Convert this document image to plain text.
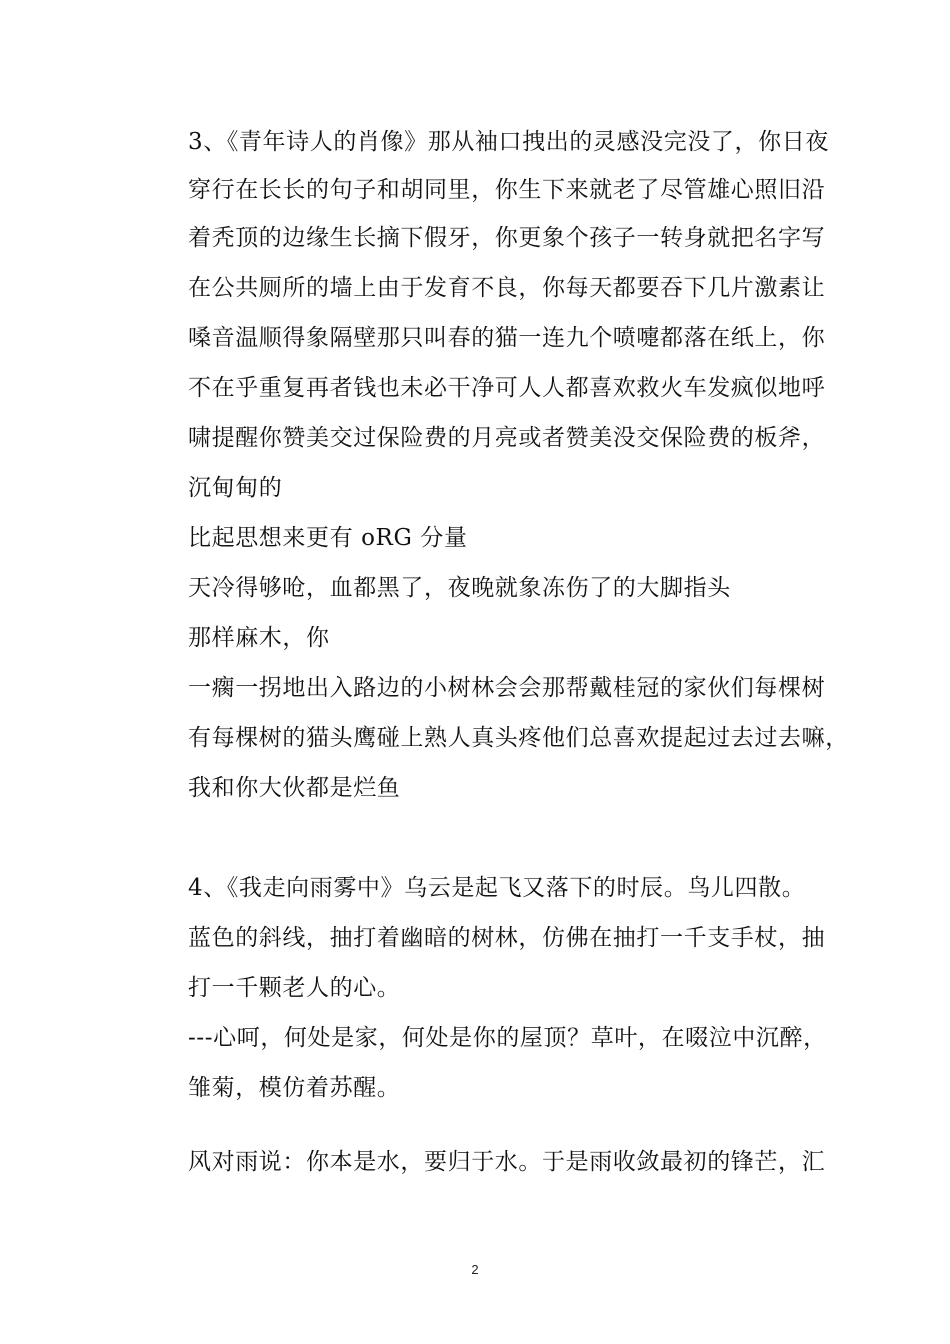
3、《青年诗人的肖像》那从袖口拽出的灵感没完没了，你日夜
穿行在长长的句子和胡同里，你生下来就老了尽管雄心照旧沿
着秃顶的边缘生长摘下假牙，你更象个孩子一转身就把名字写
在公共厕所的墙上由于发育不良，你每天都要吞下几片激素让
嗓音温顺得象隔壁那只叫春的猫一连九个喷嚏都落在纸上，你
不在乎重复再者钱也未必干净可人人都喜欢救火车发疯似地呼
啸提醒你赞美交过保险费的月亮或者赞美没交保险费的板斧，
沉甸甸的
比起思想来更有 oRG 分量
天冷得够呛，血都黑了，夜晚就象冻伤了的大脚指头
那样麻木，你
一瘸一拐地出入路边的小树林会会那帮戴桂冠的家伙们每棵树
有每棵树的猫头鹰碰上熟人真头疼他们总喜欢提起过去过去嘛，
我和你大伙都是烂鱼
4、《我走向雨雾中》乌云是起飞又落下的时辰。鸟儿四散。
蓝色的斜线，抽打着幽暗的树林，仿佛在抽打一千支手杖，抽
打一千颗老人的心。
---心呵，何处是家，何处是你的屋顶？草叶，在啜泣中沉醉，
雏菊，模仿着苏醒。
风对雨说：你本是水，要归于水。于是雨收敛最初的锋芒，汇
2
